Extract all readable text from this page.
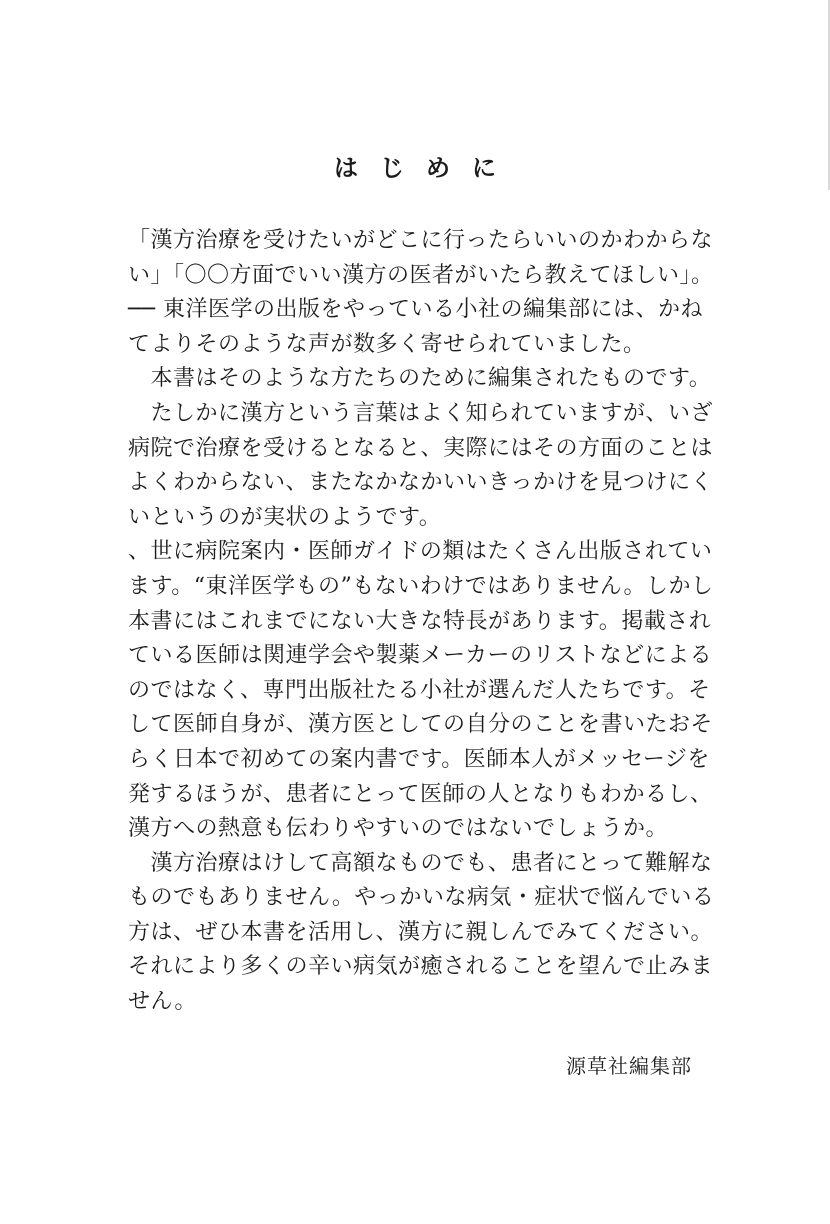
はじめに
「漢方治療を受けたいがどこに行ったらいいのかわからな
い」「〇〇方面でいい漢方の医者がいたら教えてほしい」。
── 東洋医学の出版をやっている小社の編集部には、かね
てよりそのような声が数多く寄せられていました。
　本書はそのような方たちのために編集されたものです。
　たしかに漢方という言葉はよく知られていますが、いざ
病院で治療を受けるとなると、実際にはその方面のことは
よくわからない、またなかなかいいきっかけを見つけにく
いというのが実状のようです。
、世に病院案内・医師ガイドの類はたくさん出版されてい
ます。“東洋医学もの”もないわけではありません。しかし
本書にはこれまでにない大きな特長があります。掲載され
ている医師は関連学会や製薬メーカーのリストなどによる
のではなく、専門出版社たる小社が選んだ人たちです。そ
して医師自身が、漢方医としての自分のことを書いたおそ
らく日本で初めての案内書です。医師本人がメッセージを
発するほうが、患者にとって医師の人となりもわかるし、
漢方への熱意も伝わりやすいのではないでしょうか。
　漢方治療はけして高額なものでも、患者にとって難解な
ものでもありません。やっかいな病気・症状で悩んでいる
方は、ぜひ本書を活用し、漢方に親しんでみてください。
それにより多くの辛い病気が癒されることを望んで止みま
せん。
源草社編集部
